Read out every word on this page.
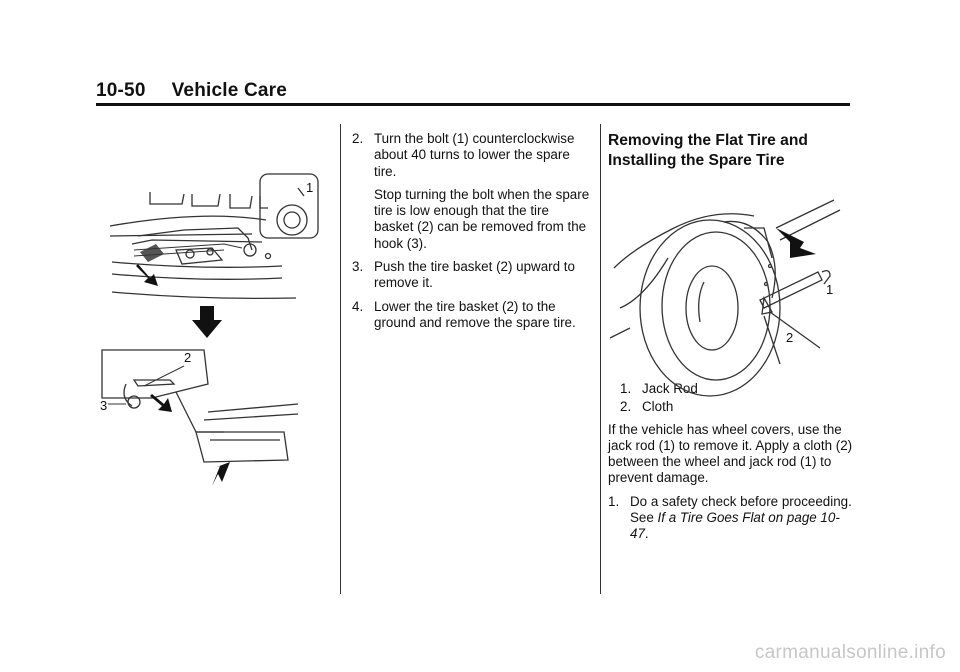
10-50 Vehicle Care
1
2
3
2. Turn the bolt (1) counterclockwise about 40 turns to lower the spare tire.
Stop turning the bolt when the spare tire is low enough that the tire basket (2) can be removed from the hook (3).
3. Push the tire basket (2) upward to remove it.
4. Lower the tire basket (2) to the ground and remove the spare tire.
Removing the Flat Tire and Installing the Spare Tire
1. Jack Rod
2. Cloth
If the vehicle has wheel covers, use the jack rod (1) to remove it. Apply a cloth (2) between the wheel and jack rod (1) to prevent damage.
1. Do a safety check before proceeding. See If a Tire Goes Flat on page 10-47.
1
2
carmanualsonline.info
